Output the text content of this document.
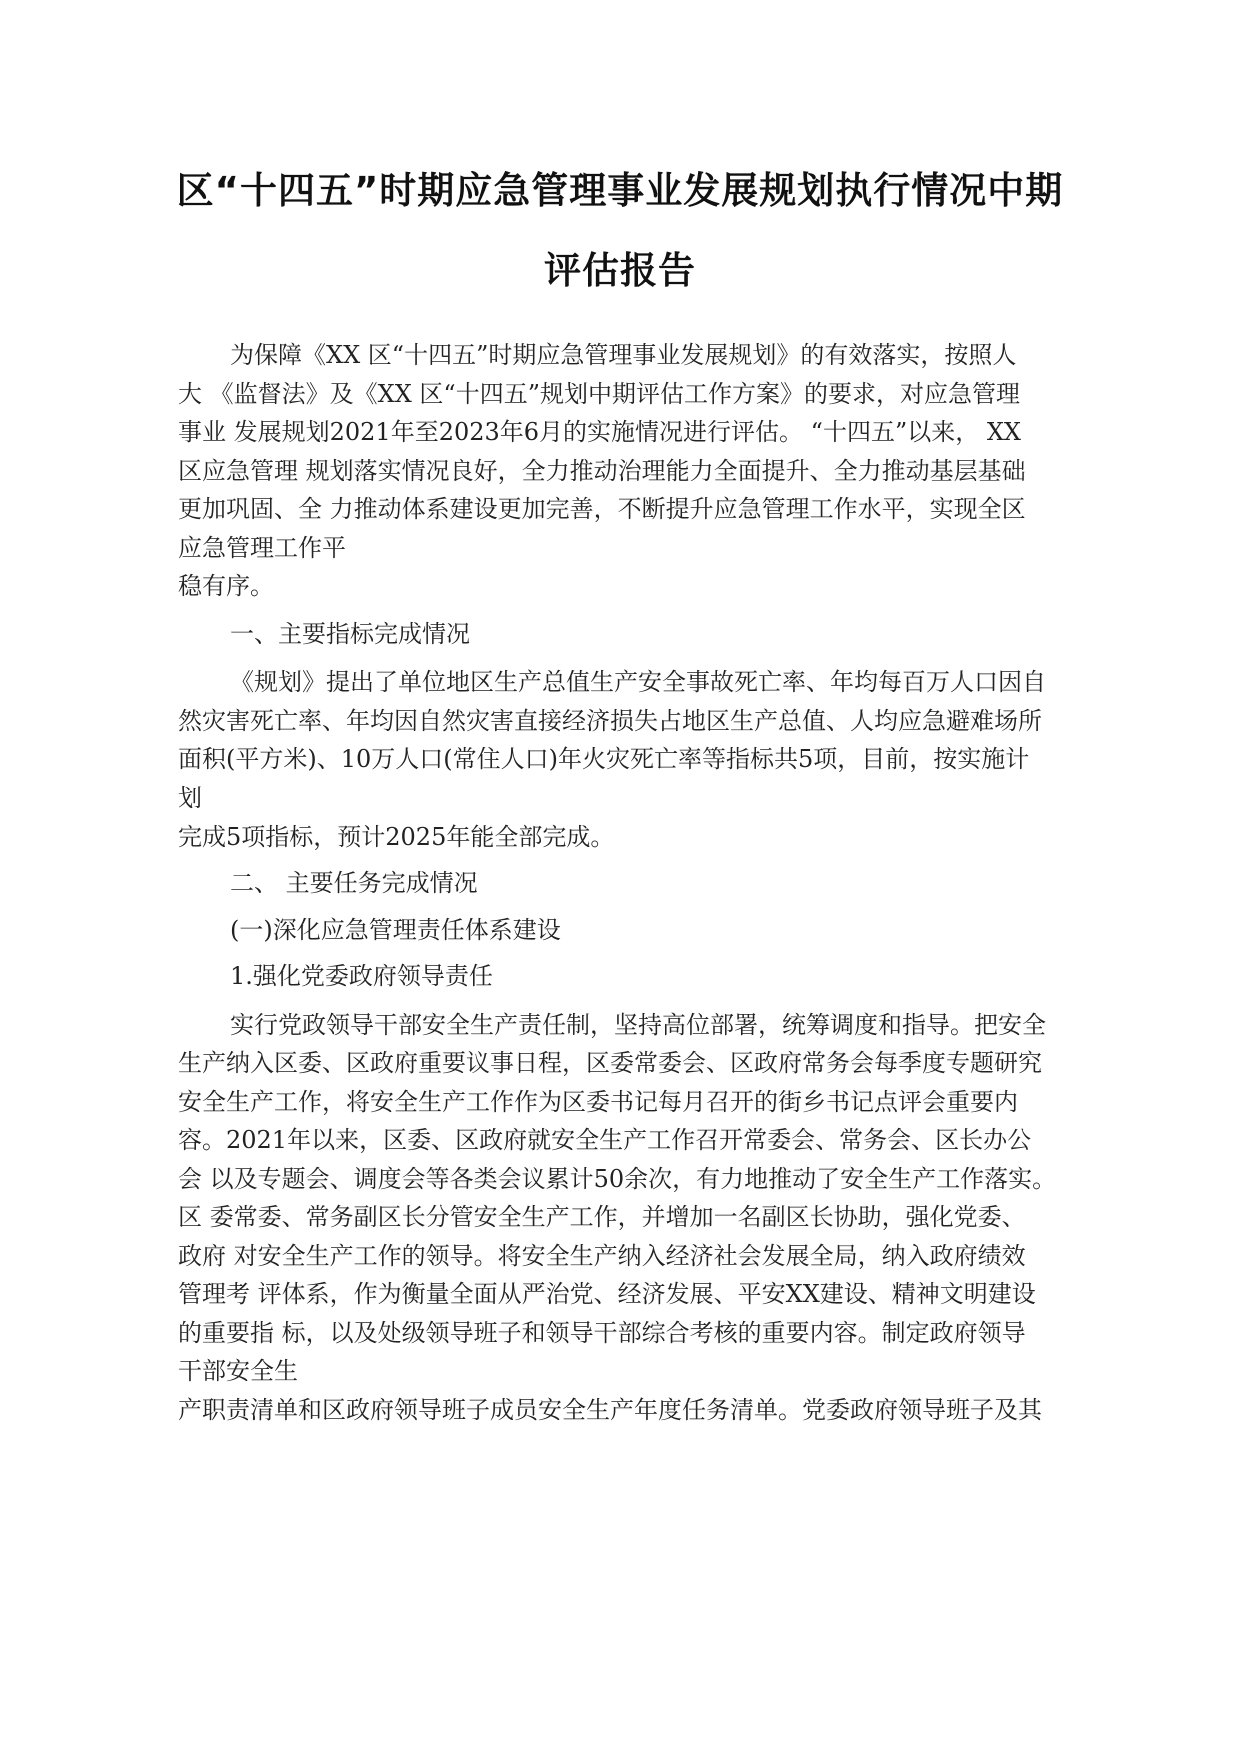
区“十四五”时期应急管理事业发展规划执行情况中期
评估报告

为保障《XX 区“十四五”时期应急管理事业发展规划》的有效落实，按照人

大 《监督法》及《XX 区“十四五”规划中期评估工作方案》的要求，对应急管理

事业 发展规划2021年至2023年6月的实施情况进行评估。 “十四五”以来， XX

区应急管理 规划落实情况良好，全力推动治理能力全面提升、全力推动基层基础

更加巩固、全 力推动体系建设更加完善，不断提升应急管理工作水平，实现全区

应急管理工作平

稳有序。

一、主要指标完成情况

《规划》提出了单位地区生产总值生产安全事故死亡率、年均每百万人口因自

然灾害死亡率、年均因自然灾害直接经济损失占地区生产总值、人均应急避难场所

面积(平方米)、10万人口(常住人口)年火灾死亡率等指标共5项，目前，按实施计

划

完成5项指标，预计2025年能全部完成。

二、 主要任务完成情况

(一)深化应急管理责任体系建设

1.强化党委政府领导责任

实行党政领导干部安全生产责任制，坚持高位部署，统筹调度和指导。把安全

生产纳入区委、区政府重要议事日程，区委常委会、区政府常务会每季度专题研究

安全生产工作，将安全生产工作作为区委书记每月召开的街乡书记点评会重要内

容。2021年以来，区委、区政府就安全生产工作召开常委会、常务会、区长办公

会 以及专题会、调度会等各类会议累计50余次，有力地推动了安全生产工作落实。

区 委常委、常务副区长分管安全生产工作，并增加一名副区长协助，强化党委、

政府 对安全生产工作的领导。将安全生产纳入经济社会发展全局，纳入政府绩效

管理考 评体系，作为衡量全面从严治党、经济发展、平安XX建设、精神文明建设

的重要指 标，以及处级领导班子和领导干部综合考核的重要内容。制定政府领导

干部安全生

产职责清单和区政府领导班子成员安全生产年度任务清单。党委政府领导班子及其
